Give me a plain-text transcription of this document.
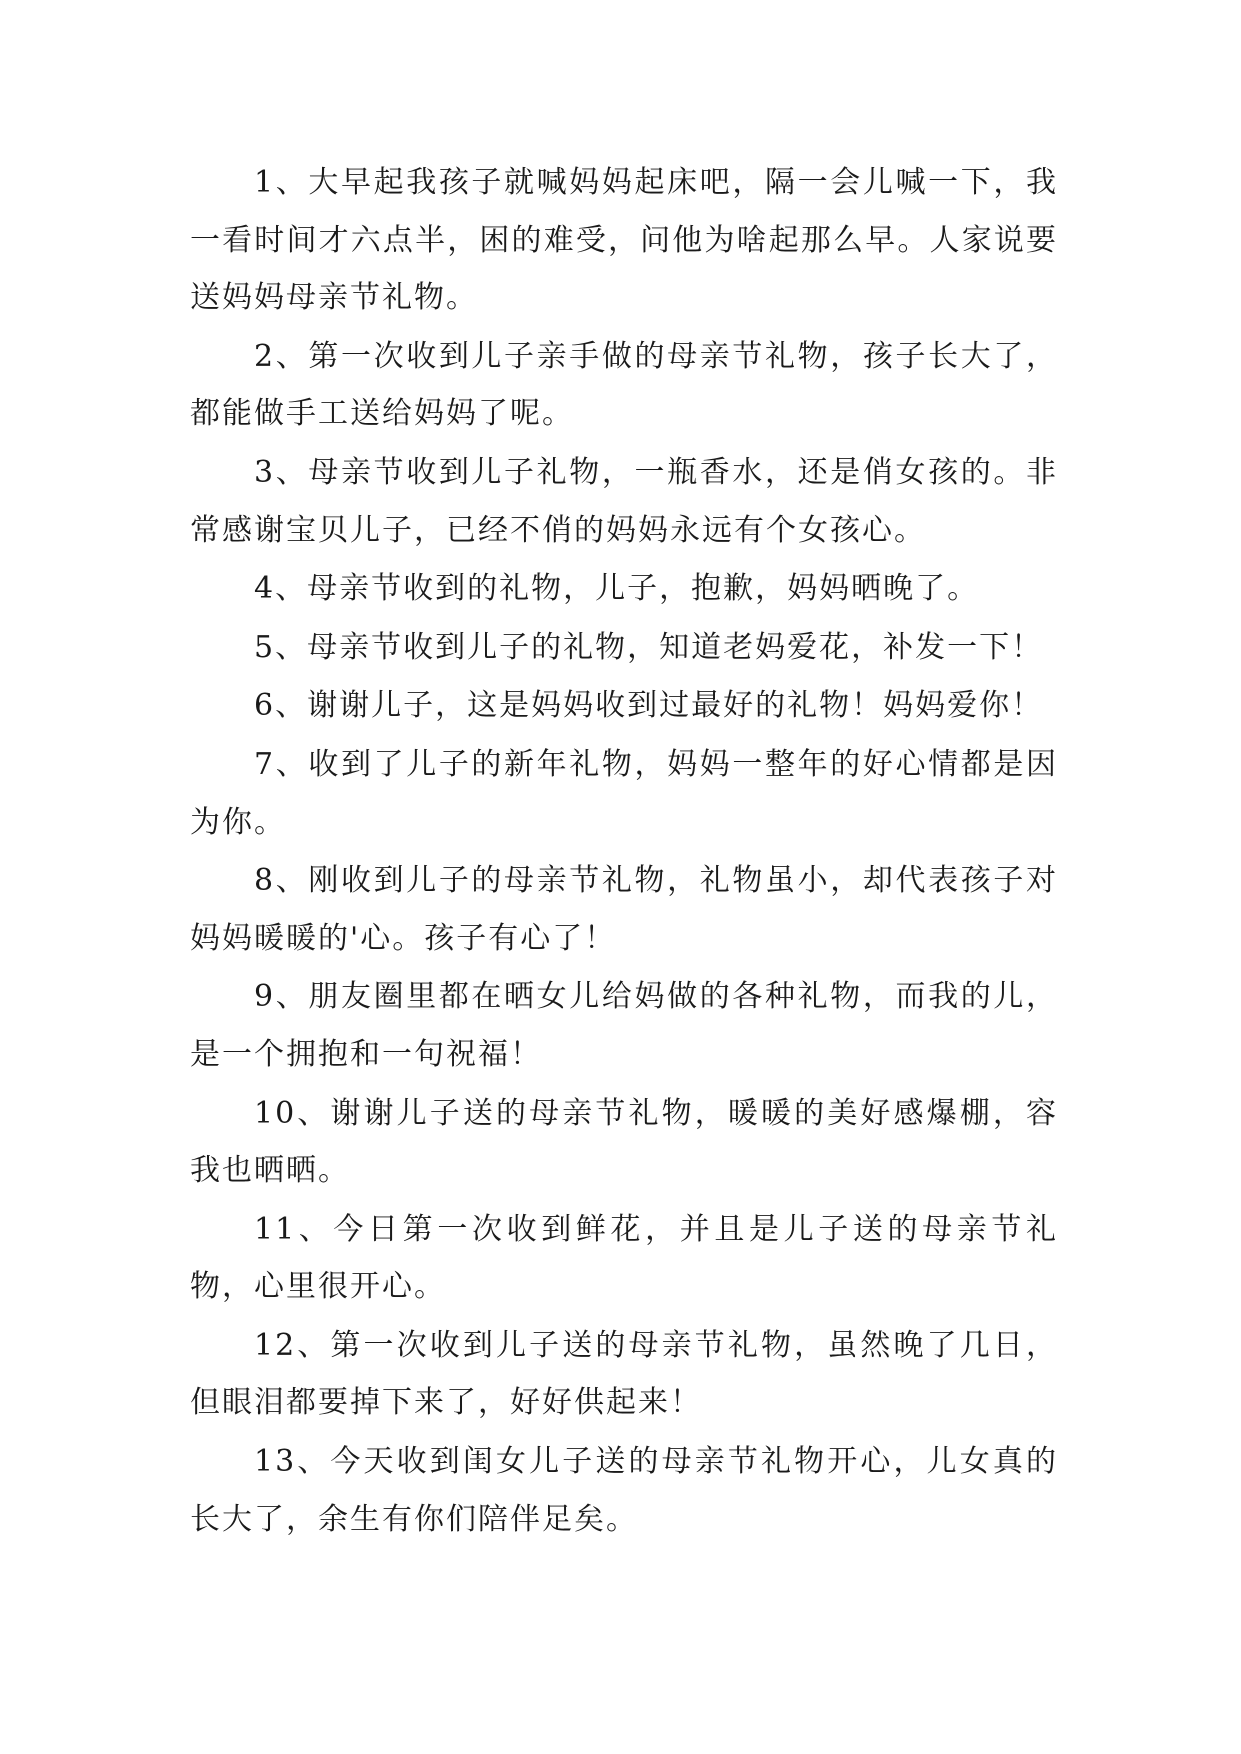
1、大早起我孩子就喊妈妈起床吧，隔一会儿喊一下，我一看时间才六点半，困的难受，问他为啥起那么早。人家说要送妈妈母亲节礼物。

2、第一次收到儿子亲手做的母亲节礼物，孩子长大了，都能做手工送给妈妈了呢。

3、母亲节收到儿子礼物，一瓶香水，还是俏女孩的。非常感谢宝贝儿子，已经不俏的妈妈永远有个女孩心。

4、母亲节收到的礼物，儿子，抱歉，妈妈晒晚了。

5、母亲节收到儿子的礼物，知道老妈爱花，补发一下！

6、谢谢儿子，这是妈妈收到过最好的礼物！妈妈爱你！

7、收到了儿子的新年礼物，妈妈一整年的好心情都是因为你。

8、刚收到儿子的母亲节礼物，礼物虽小，却代表孩子对妈妈暖暖的'心。孩子有心了！

9、朋友圈里都在晒女儿给妈做的各种礼物，而我的儿，是一个拥抱和一句祝福！

10、谢谢儿子送的母亲节礼物，暖暖的美好感爆棚，容我也晒晒。

11、今日第一次收到鲜花，并且是儿子送的母亲节礼物，心里很开心。

12、第一次收到儿子送的母亲节礼物，虽然晚了几日，但眼泪都要掉下来了，好好供起来！

13、今天收到闺女儿子送的母亲节礼物开心，儿女真的长大了，余生有你们陪伴足矣。
